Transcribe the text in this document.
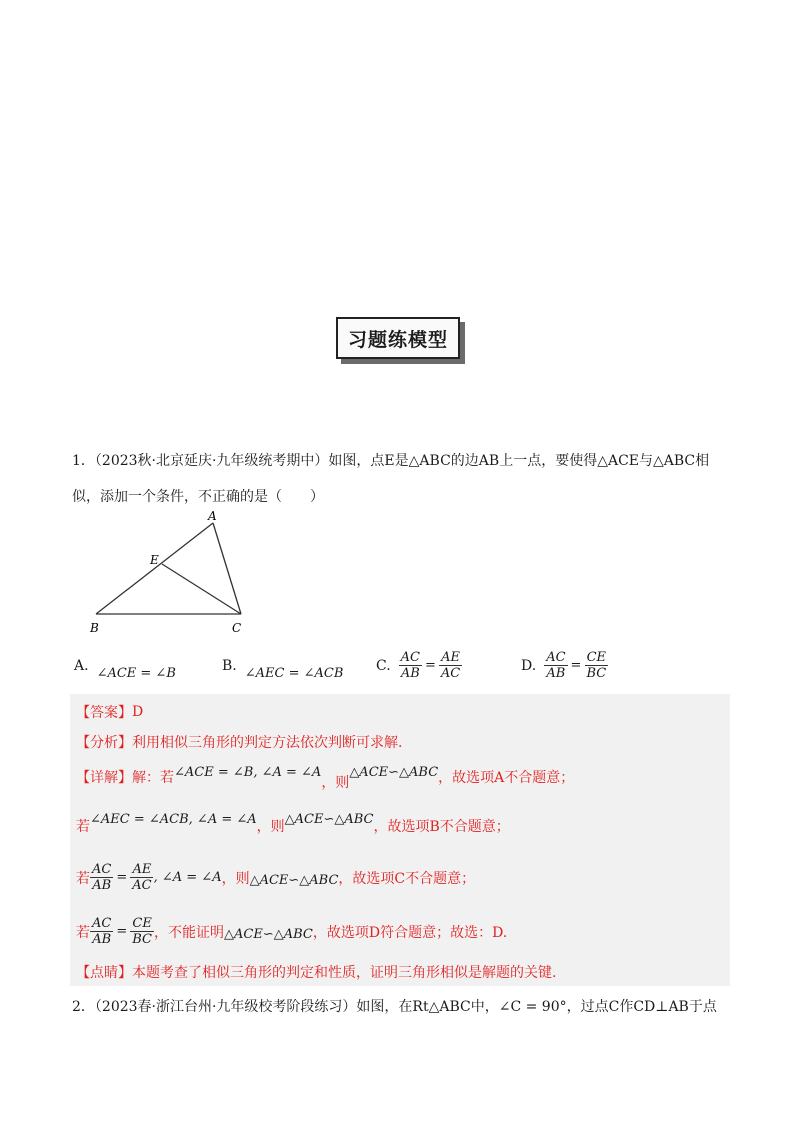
习题练模型
1．（2023秋·北京延庆·九年级统考期中）如图，点E是△ABC的边AB上一点，要使得△ACE与△ABC相
似，添加一个条件，不正确的是（　　）
A
E
B	C
A. ∠ACE = ∠B	B. ∠AEC = ∠ACB C. $\frac{AC}{AB} = \frac{AE}{AC}$	D. $\frac{AC}{AB} = \frac{CE}{BC}$
【答案】 D
【分析】 利用相似三角形的判定方法依次判断可求解.
【详解】 解：若 ∠ACE = ∠B, ∠A = ∠A
，则
△ACE∽△ABC ，故选项A不合题意；
若 ∠AEC = ∠ACB, ∠A = ∠A ，则 △ACE∽△ABC ，故选项B不合题意；
若 $\frac{AC}{AB} = \frac{AE}{AC}$ , ∠A = ∠A ，则 △ACE∽△ABC ，故选项C不合题意；
若 $\frac{AC}{AB} = \frac{CE}{BC}$ ，不能证明 △ACE∽△ABC ，故选项D符合题意；故选：D.
【点睛】 本题考查了相似三角形的判定和性质，证明三角形相似是解题的关键.
2．（2023春·浙江台州·九年级校考阶段练习）如图，在Rt△ABC中，∠C = 90°，过点C作CD⊥AB于点
